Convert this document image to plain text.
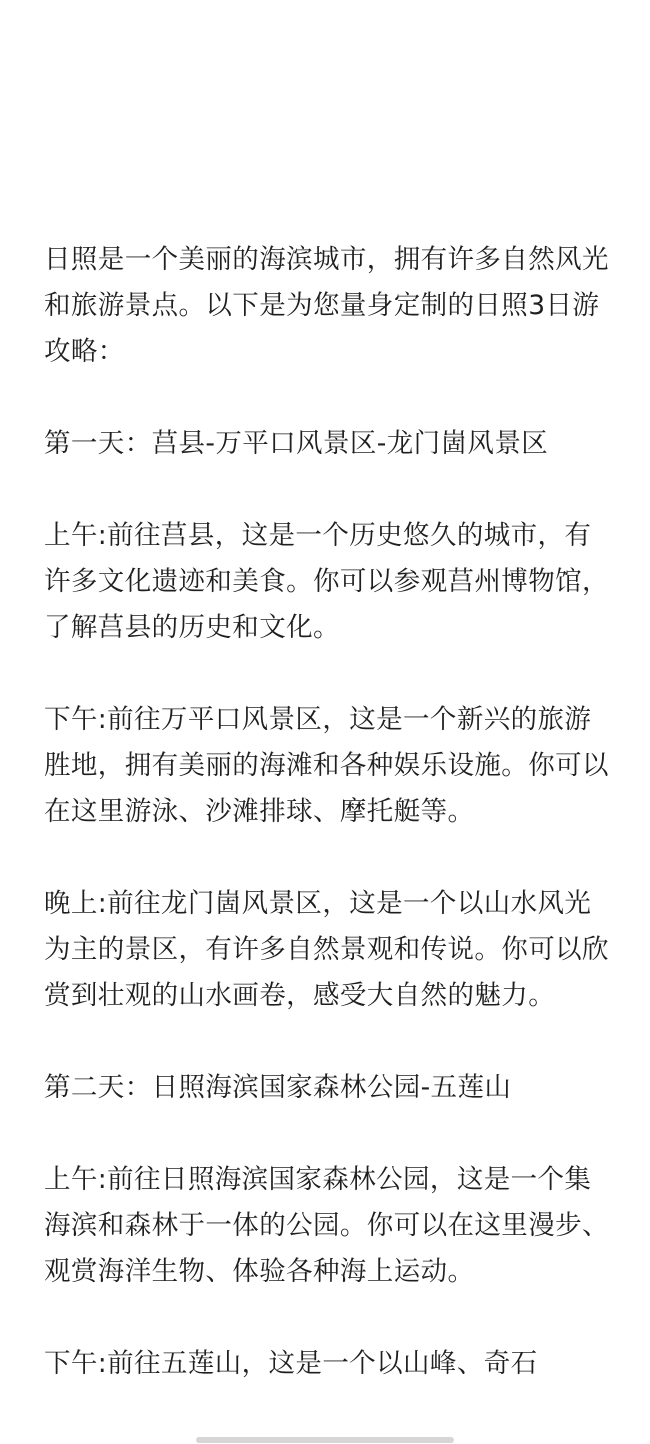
日照是一个美丽的海滨城市，拥有许多自然风光和旅游景点。以下是为您量身定制的日照3日游攻略：

第一天：莒县-万平口风景区-龙门崮风景区

上午:前往莒县，这是一个历史悠久的城市，有许多文化遗迹和美食。你可以参观莒州博物馆，了解莒县的历史和文化。

下午:前往万平口风景区，这是一个新兴的旅游胜地，拥有美丽的海滩和各种娱乐设施。你可以在这里游泳、沙滩排球、摩托艇等。

晚上:前往龙门崮风景区，这是一个以山水风光为主的景区，有许多自然景观和传说。你可以欣赏到壮观的山水画卷，感受大自然的魅力。

第二天：日照海滨国家森林公园-五莲山

上午:前往日照海滨国家森林公园，这是一个集海滨和森林于一体的公园。你可以在这里漫步、观赏海洋生物、体验各种海上运动。

下午:前往五莲山，这是一个以山峰、奇石
